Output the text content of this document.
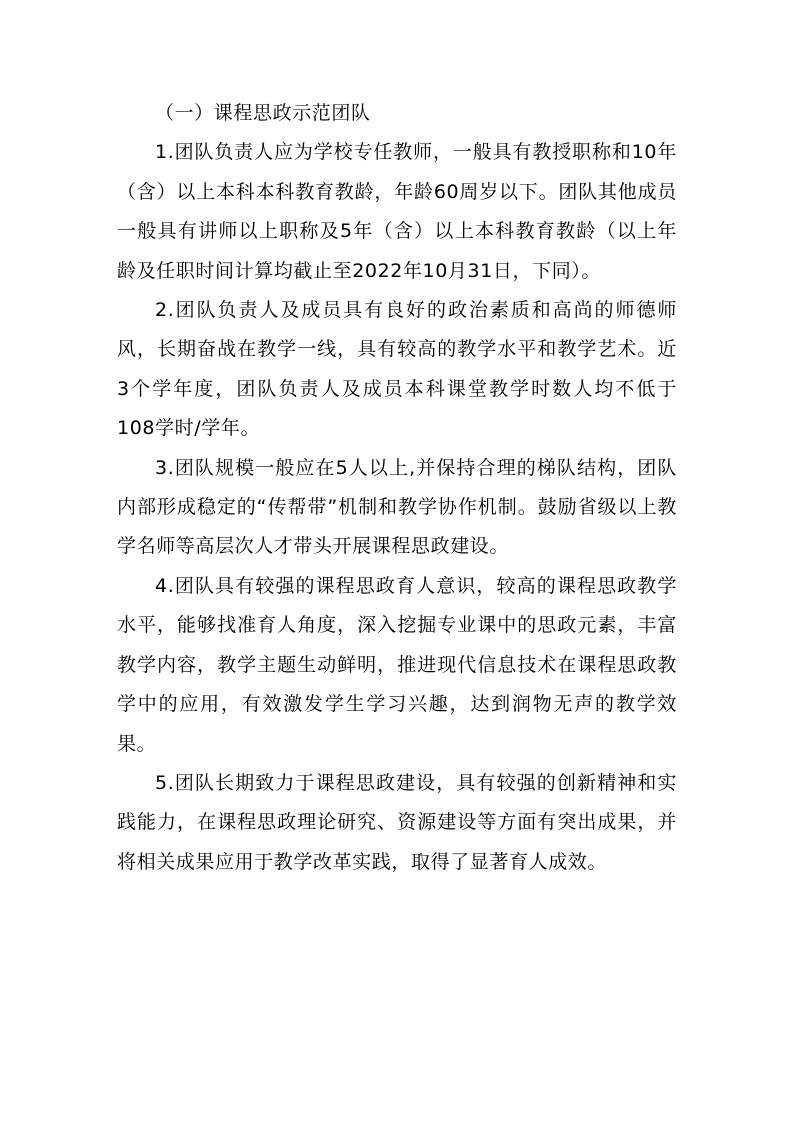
（一）课程思政示范团队

1.团队负责人应为学校专任教师，一般具有教授职称和10年（含）以上本科本科教育教龄，年龄60周岁以下。团队其他成员一般具有讲师以上职称及5年（含）以上本科教育教龄（以上年龄及任职时间计算均截止至2022年10月31日，下同）。

2.团队负责人及成员具有良好的政治素质和高尚的师德师风，长期奋战在教学一线，具有较高的教学水平和教学艺术。近3个学年度，团队负责人及成员本科课堂教学时数人均不低于108学时/学年。

3.团队规模一般应在5人以上,并保持合理的梯队结构，团队内部形成稳定的“传帮带”机制和教学协作机制。鼓励省级以上教学名师等高层次人才带头开展课程思政建设。

4.团队具有较强的课程思政育人意识，较高的课程思政教学水平，能够找准育人角度，深入挖掘专业课中的思政元素，丰富教学内容，教学主题生动鲜明，推进现代信息技术在课程思政教学中的应用，有效激发学生学习兴趣，达到润物无声的教学效果。

5.团队长期致力于课程思政建设，具有较强的创新精神和实践能力，在课程思政理论研究、资源建设等方面有突出成果，并将相关成果应用于教学改革实践，取得了显著育人成效。
